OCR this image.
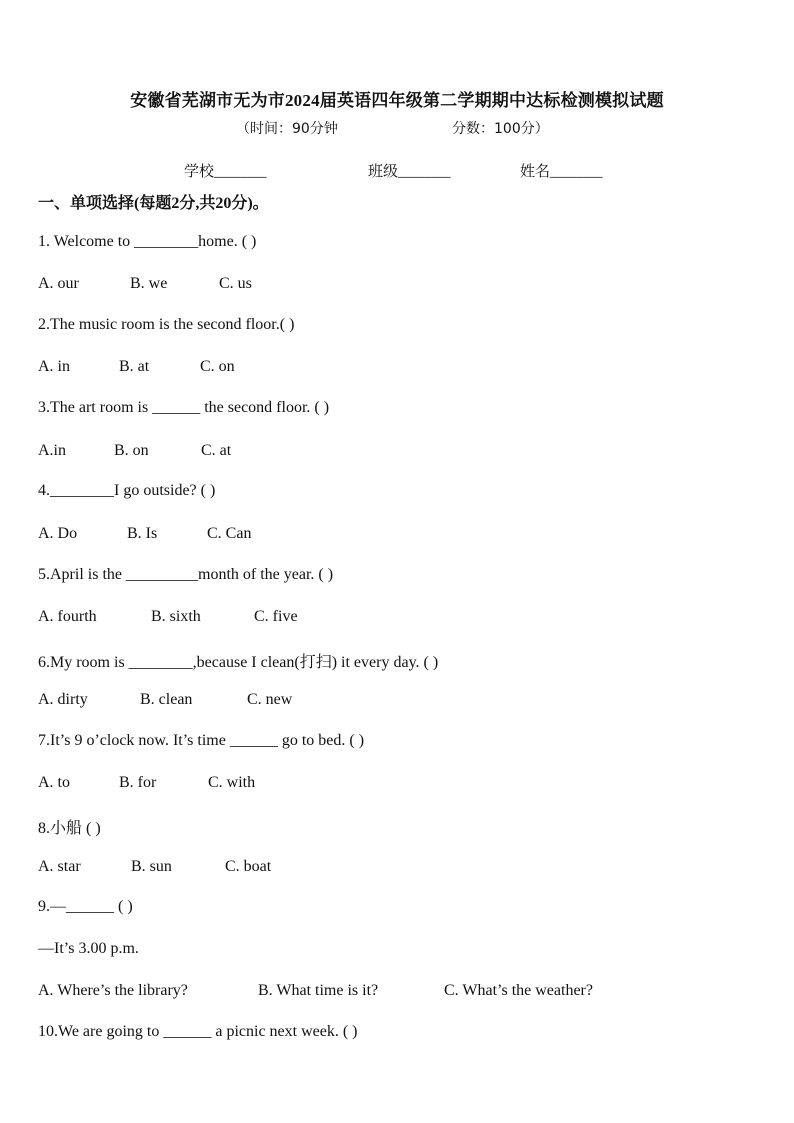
安徽省芜湖市无为市2024届英语四年级第二学期期中达标检测模拟试题
（时间：90分钟	分数：100分）
学校_______	班级_______	姓名_______
一、单项选择(每题2分,共20分)。
1. Welcome to ________home. ( )
A. our	B. we	C. us
2.The music room is the second floor.( )
A. in	B. at	C. on
3.The art room is ______ the second floor. ( )
A.in	B. on	C. at
4.________I go outside? ( )
A. Do	B. Is	C. Can
5.April is the _________month of the year. ( )
A. fourth	B. sixth	C. five
6.My room is ________,because I clean(打扫) it every day. ( )
A. dirty	B. clean	C. new
7.It’s 9 o’clock now. It’s time ______ go to bed. ( )
A. to	B. for	C. with
8.小船 ( )
A. star	B. sun	C. boat
9.—______ ( )
—It’s 3.00 p.m.
A. Where’s the library?	B. What time is it?	C. What’s the weather?
10.We are going to ______ a picnic next week. ( )
